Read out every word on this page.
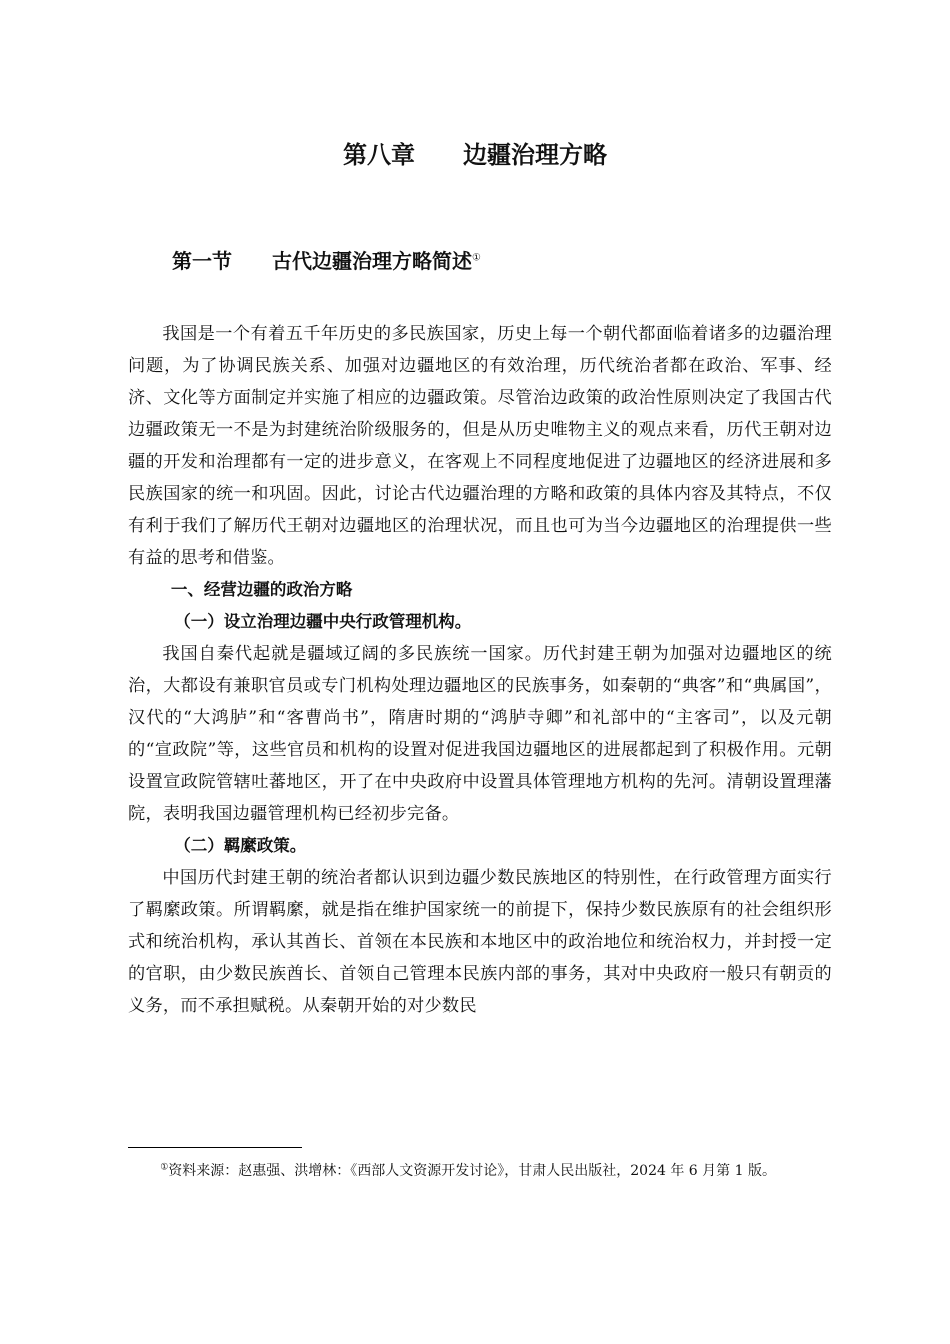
第八章　　边疆治理方略
第一节　　古代边疆治理方略简述①

我国是一个有着五千年历史的多民族国家，历史上每一个朝代都面临着诸多的边疆治理问题，为了协调民族关系、加强对边疆地区的有效治理，历代统治者都在政治、军事、经济、文化等方面制定并实施了相应的边疆政策。尽管治边政策的政治性原则决定了我国古代边疆政策无一不是为封建统治阶级服务的，但是从历史唯物主义的观点来看，历代王朝对边疆的开发和治理都有一定的进步意义，在客观上不同程度地促进了边疆地区的经济进展和多民族国家的统一和巩固。因此，讨论古代边疆治理的方略和政策的具体内容及其特点，不仅有利于我们了解历代王朝对边疆地区的治理状况，而且也可为当今边疆地区的治理提供一些有益的思考和借鉴。

一、经营边疆的政治方略

（一）设立治理边疆中央行政管理机构。

我国自秦代起就是疆域辽阔的多民族统一国家。历代封建王朝为加强对边疆地区的统治，大都设有兼职官员或专门机构处理边疆地区的民族事务，如秦朝的“典客”和“典属国”，汉代的“大鸿胪”和“客曹尚书”，隋唐时期的“鸿胪寺卿”和礼部中的“主客司”，以及元朝的“宣政院”等，这些官员和机构的设置对促进我国边疆地区的进展都起到了积极作用。元朝设置宣政院管辖吐蕃地区，开了在中央政府中设置具体管理地方机构的先河。清朝设置理藩院，表明我国边疆管理机构已经初步完备。

（二）羁縻政策。

中国历代封建王朝的统治者都认识到边疆少数民族地区的特别性，在行政管理方面实行了羁縻政策。所谓羁縻，就是指在维护国家统一的前提下，保持少数民族原有的社会组织形式和统治机构，承认其酋长、首领在本民族和本地区中的政治地位和统治权力，并封授一定的官职，由少数民族酋长、首领自己管理本民族内部的事务，其对中央政府一般只有朝贡的义务，而不承担赋税。从秦朝开始的对少数民

①资料来源：赵惠强、洪增林：《西部人文资源开发讨论》，甘肃人民出版社，2024 年 6 月第 1 版。
